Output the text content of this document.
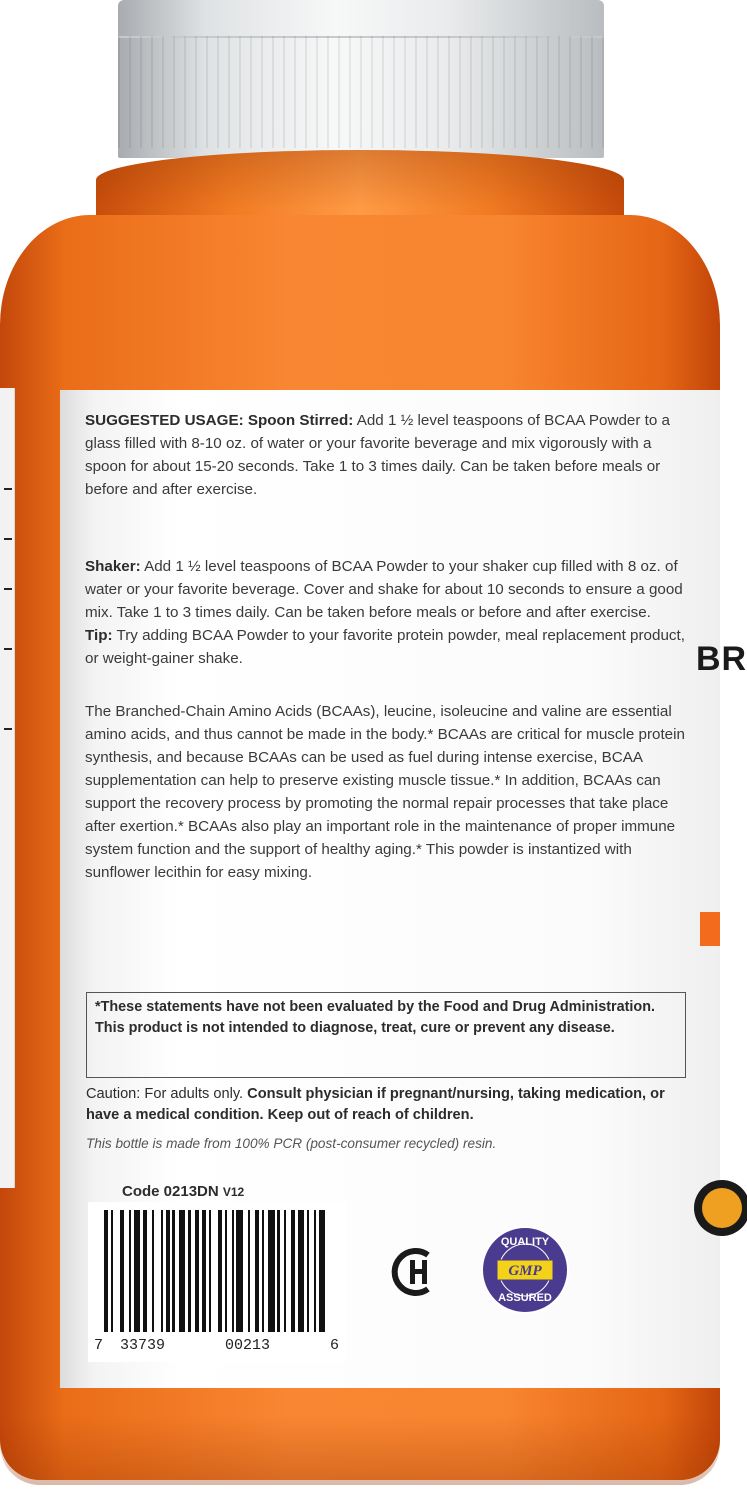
SUGGESTED USAGE: Spoon Stirred: Add 1 ½ level teaspoons of BCAA Powder to a glass filled with 8-10 oz. of water or your favorite beverage and mix vigorously with a spoon for about 15-20 seconds. Take 1 to 3 times daily. Can be taken before meals or before and after exercise.
Shaker: Add 1 ½ level teaspoons of BCAA Powder to your shaker cup filled with 8 oz. of water or your favorite beverage. Cover and shake for about 10 seconds to ensure a good mix. Take 1 to 3 times daily. Can be taken before meals or before and after exercise.
Tip: Try adding BCAA Powder to your favorite protein powder, meal replacement product, or weight-gainer shake.
The Branched-Chain Amino Acids (BCAAs), leucine, isoleucine and valine are essential amino acids, and thus cannot be made in the body.* BCAAs are critical for muscle protein synthesis, and because BCAAs can be used as fuel during intense exercise, BCAA supplementation can help to preserve existing muscle tissue.* In addition, BCAAs can support the recovery process by promoting the normal repair processes that take place after exertion.* BCAAs also play an important role in the maintenance of proper immune system function and the support of healthy aging.* This powder is instantized with sunflower lecithin for easy mixing.
*These statements have not been evaluated by the Food and Drug Administration. This product is not intended to diagnose, treat, cure or prevent any disease.
Caution: For adults only. Consult physician if pregnant/nursing, taking medication, or have a medical condition. Keep out of reach of children.
This bottle is made from 100% PCR (post-consumer recycled) resin.
Code 0213DN V12
7 33739	00213	6
GMP
QUALITY
ASSURED
BR
